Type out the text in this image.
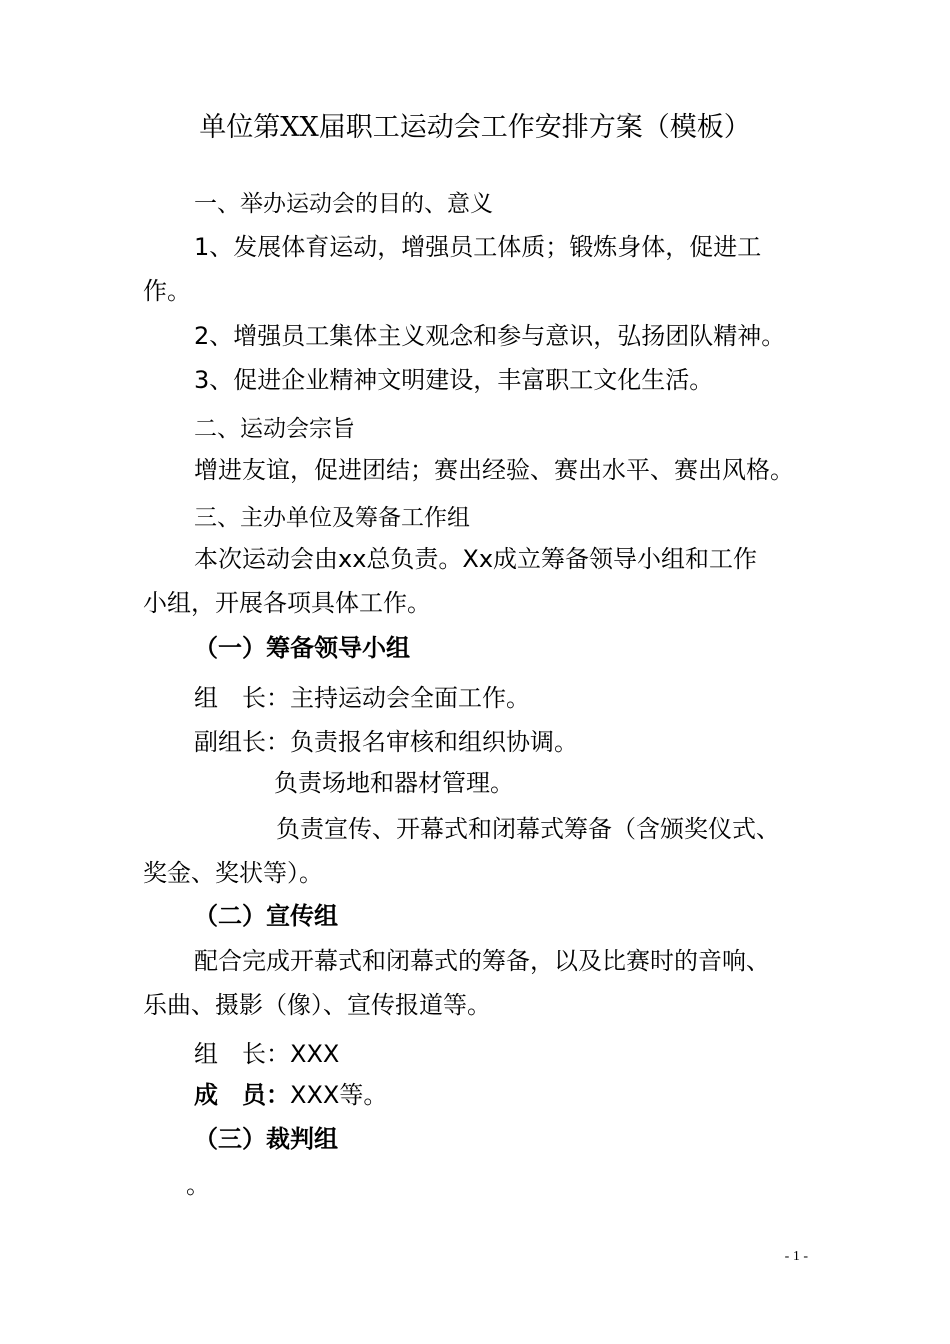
单位第XX届职工运动会工作安排方案（模板）
一、举办运动会的目的、意义
1、发展体育运动，增强员工体质；锻炼身体，促进工
作。
2、增强员工集体主义观念和参与意识，弘扬团队精神。
3、促进企业精神文明建设，丰富职工文化生活。
二、运动会宗旨
增进友谊，促进团结；赛出经验、赛出水平、赛出风格。
三、主办单位及筹备工作组
本次运动会由xx总负责。Xx成立筹备领导小组和工作
小组，开展各项具体工作。
（一）筹备领导小组
组　长：主持运动会全面工作。
副组长：负责报名审核和组织协调。
负责场地和器材管理。
负责宣传、开幕式和闭幕式筹备（含颁奖仪式、
奖金、奖状等）。
（二）宣传组
配合完成开幕式和闭幕式的筹备，以及比赛时的音响、
乐曲、摄影（像）、宣传报道等。
组　长：XXX
成　员：XXX等。
（三）裁判组
。
- 1 -
